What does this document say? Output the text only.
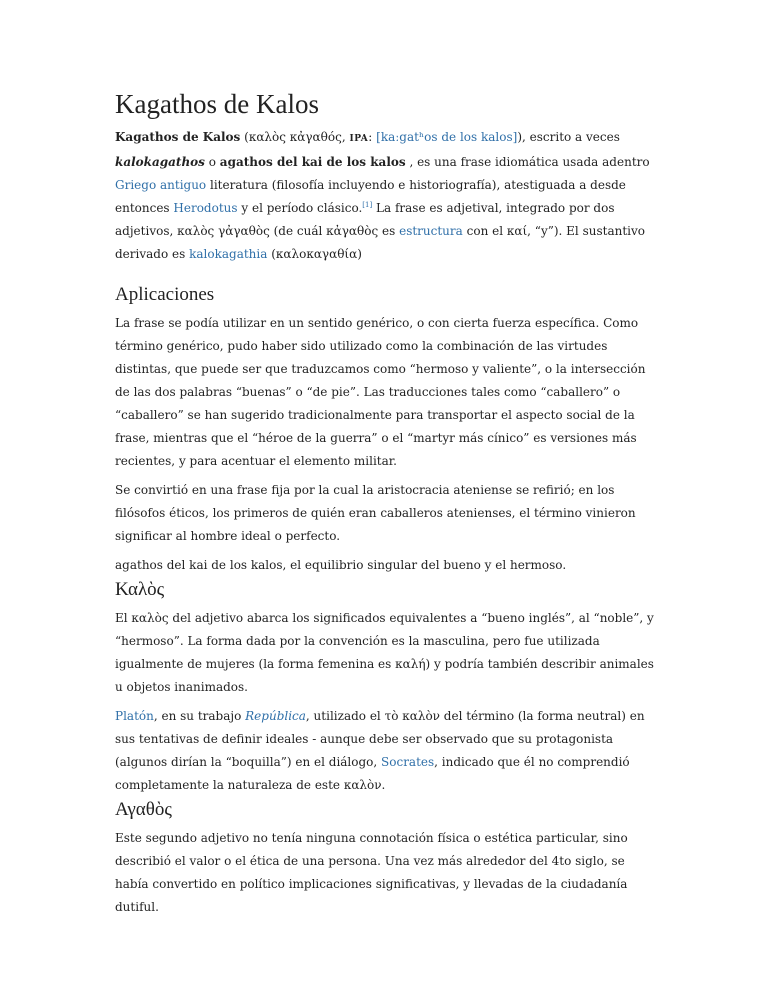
Kagathos de Kalos

Kagathos de Kalos (καλὸς κἀγαθός, IPA: [kaːgatʰos de los kalos]), escrito a veces kalokagathos o agathos del kai de los kalos , es una frase idiomática usada adentro Griego antiguo literatura (filosofía incluyendo e historiografía), atestiguada a desde entonces Herodotus y el período clásico.[1] La frase es adjetival, integrado por dos adjetivos, καλὸς γἀγαθὸς (de cuál κἀγαθὸς es estructura con el καί, “y”). El sustantivo derivado es kalokagathia (καλοκαγαθία)

Aplicaciones

La frase se podía utilizar en un sentido genérico, o con cierta fuerza específica. Como término genérico, pudo haber sido utilizado como la combinación de las virtudes distintas, que puede ser que traduzcamos como “hermoso y valiente”, o la intersección de las dos palabras “buenas” o “de pie”. Las traducciones tales como “caballero” o “caballero” se han sugerido tradicionalmente para transportar el aspecto social de la frase, mientras que el “héroe de la guerra” o el “martyr más cínico” es versiones más recientes, y para acentuar el elemento militar.

Se convirtió en una frase fija por la cual la aristocracia ateniense se refirió; en los filósofos éticos, los primeros de quién eran caballeros atenienses, el término vinieron significar al hombre ideal o perfecto.

agathos del kai de los kalos, el equilibrio singular del bueno y el hermoso.

Καλὸς

El καλὸς del adjetivo abarca los significados equivalentes a “bueno inglés”, al “noble”, y “hermoso”. La forma dada por la convención es la masculina, pero fue utilizada igualmente de mujeres (la forma femenina es καλή) y podría también describir animales u objetos inanimados.

Platón, en su trabajo República, utilizado el τὸ καλὸν del término (la forma neutral) en sus tentativas de definir ideales - aunque debe ser observado que su protagonista (algunos dirían la “boquilla”) en el diálogo, Socrates, indicado que él no comprendió completamente la naturaleza de este καλὸν.

Αγαθὸς

Este segundo adjetivo no tenía ninguna connotación física o estética particular, sino describió el valor o el ética de una persona. Una vez más alrededor del 4to siglo, se había convertido en político implicaciones significativas, y llevadas de la ciudadanía dutiful.
